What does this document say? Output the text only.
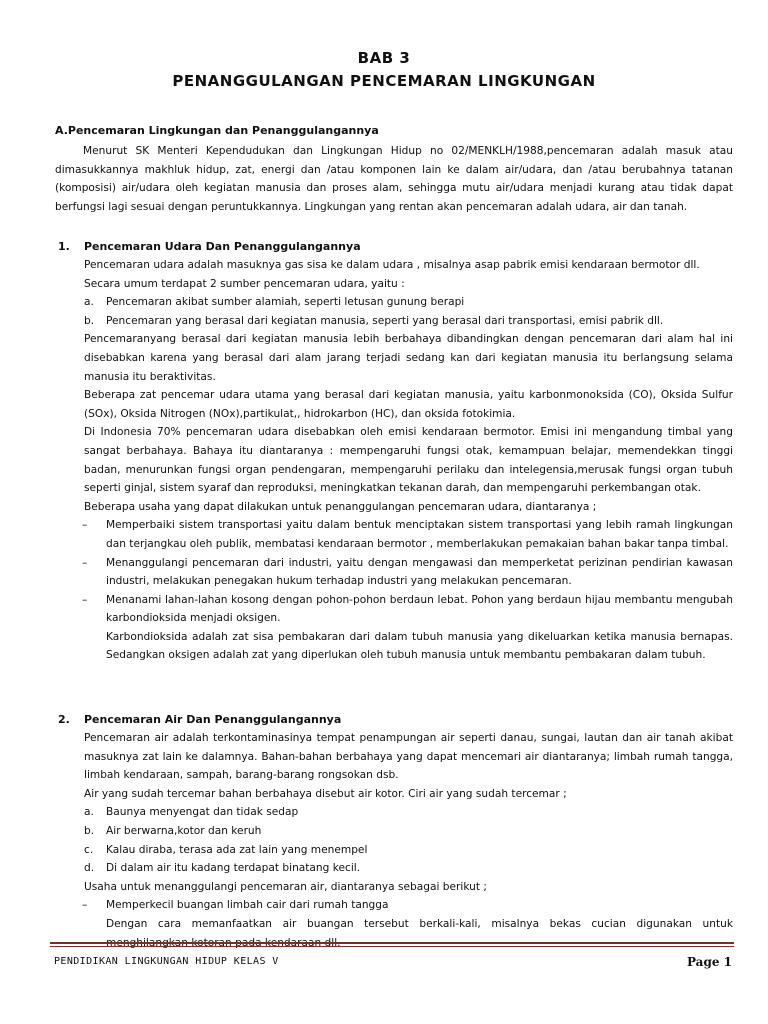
BAB 3
PENANGGULANGAN PENCEMARAN LINGKUNGAN
A.Pencemaran Lingkungan dan Penanggulangannya

Menurut SK Menteri Kependudukan dan Lingkungan Hidup no 02/MENKLH/1988,pencemaran adalah masuk atau dimasukkannya makhluk hidup, zat, energi dan /atau komponen lain ke dalam air/udara, dan /atau berubahnya tatanan (komposisi) air/udara oleh kegiatan manusia dan proses alam, sehingga mutu air/udara menjadi kurang atau tidak dapat berfungsi lagi sesuai dengan peruntukkannya. Lingkungan yang rentan akan pencemaran adalah udara, air dan tanah.

1. Pencemaran Udara Dan Penanggulangannya

Pencemaran udara adalah masuknya gas sisa ke dalam udara , misalnya asap pabrik emisi kendaraan bermotor dll.

Secara umum terdapat 2 sumber pencemaran udara, yaitu :

a. Pencemaran akibat sumber alamiah, seperti letusan gunung berapi
b. Pencemaran yang berasal dari kegiatan manusia, seperti yang berasal dari transportasi, emisi pabrik dll.

Pencemaranyang berasal dari kegiatan manusia lebih berbahaya dibandingkan dengan pencemaran dari alam hal ini disebabkan karena yang berasal dari alam jarang terjadi sedang kan dari kegiatan manusia itu berlangsung selama manusia itu beraktivitas.

Beberapa zat pencemar udara utama yang berasal dari kegiatan manusia, yaitu karbonmonoksida (CO), Oksida Sulfur (SOx), Oksida Nitrogen (NOx),partikulat,, hidrokarbon (HC), dan oksida fotokimia.

Di Indonesia 70% pencemaran udara disebabkan oleh emisi kendaraan bermotor. Emisi ini mengandung timbal yang sangat berbahaya. Bahaya itu diantaranya : mempengaruhi fungsi otak, kemampuan belajar, memendekkan tinggi badan, menurunkan fungsi organ pendengaran, mempengaruhi perilaku dan intelegensia,merusak fungsi organ tubuh seperti ginjal, sistem syaraf dan reproduksi, meningkatkan tekanan darah, dan mempengaruhi perkembangan otak.

Beberapa usaha yang dapat dilakukan untuk penanggulangan pencemaran udara, diantaranya ;

– Memperbaiki sistem transportasi yaitu dalam bentuk menciptakan sistem transportasi yang lebih ramah lingkungan dan terjangkau oleh publik, membatasi kendaraan bermotor , memberlakukan pemakaian bahan bakar tanpa timbal.
– Menanggulangi pencemaran dari industri, yaitu dengan mengawasi dan memperketat perizinan pendirian kawasan industri, melakukan penegakan hukum terhadap industri yang melakukan pencemaran.
– Menanami lahan-lahan kosong dengan pohon-pohon berdaun lebat. Pohon yang berdaun hijau membantu mengubah karbondioksida menjadi oksigen.
Karbondioksida adalah zat sisa pembakaran dari dalam tubuh manusia yang dikeluarkan ketika manusia bernapas. Sedangkan oksigen adalah zat yang diperlukan oleh tubuh manusia untuk membantu pembakaran dalam tubuh.
2. Pencemaran Air Dan Penanggulangannya

Pencemaran air adalah terkontaminasinya tempat penampungan air seperti danau, sungai, lautan dan air tanah akibat masuknya zat lain ke dalamnya. Bahan-bahan berbahaya yang dapat mencemari air diantaranya; limbah rumah tangga, limbah kendaraan, sampah, barang-barang rongsokan dsb.

Air yang sudah tercemar bahan berbahaya disebut air kotor. Ciri air yang sudah tercemar ;

a. Baunya menyengat dan tidak sedap
b. Air berwarna,kotor dan keruh
c. Kalau diraba, terasa ada zat lain yang menempel
d. Di dalam air itu kadang terdapat binatang kecil.

Usaha untuk menanggulangi pencemaran air, diantaranya sebagai berikut ;

– Memperkecil buangan limbah cair dari rumah tangga
Dengan cara memanfaatkan air buangan tersebut berkali-kali, misalnya bekas cucian digunakan untuk
PENDIDIKAN LINGKUNGAN HIDUP KELAS V	Page 1
